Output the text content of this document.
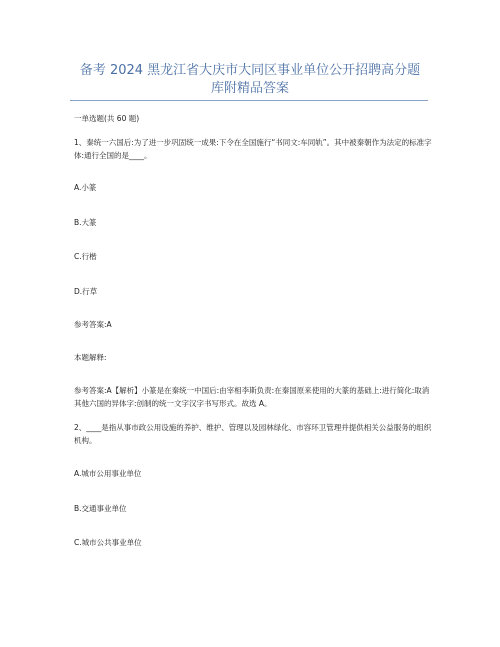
备考 2024 黑龙江省大庆市大同区事业单位公开招聘高分题
库附精品答案
一单选题(共 60 题)
1、秦统一六国后:为了进一步巩固统一成果:下令在全国施行“书同文:车同轨”。其中被秦朝作为法定的标准字体:通行全国的是____。
A.小篆
B.大篆
C.行楷
D.行草
参考答案:A
本题解释:
参考答案:A【解析】小篆是在秦统一中国后:由宰相李斯负责:在秦国原来使用的大篆的基础上:进行简化:取消其他六国的异体字:创制的统一文字汉字书写形式。故选 A。
2、____是指从事市政公用设施的养护、维护、管理以及园林绿化、市容环卫管理并提供相关公益服务的组织机构。
A.城市公用事业单位
B.交通事业单位
C.城市公共事业单位
